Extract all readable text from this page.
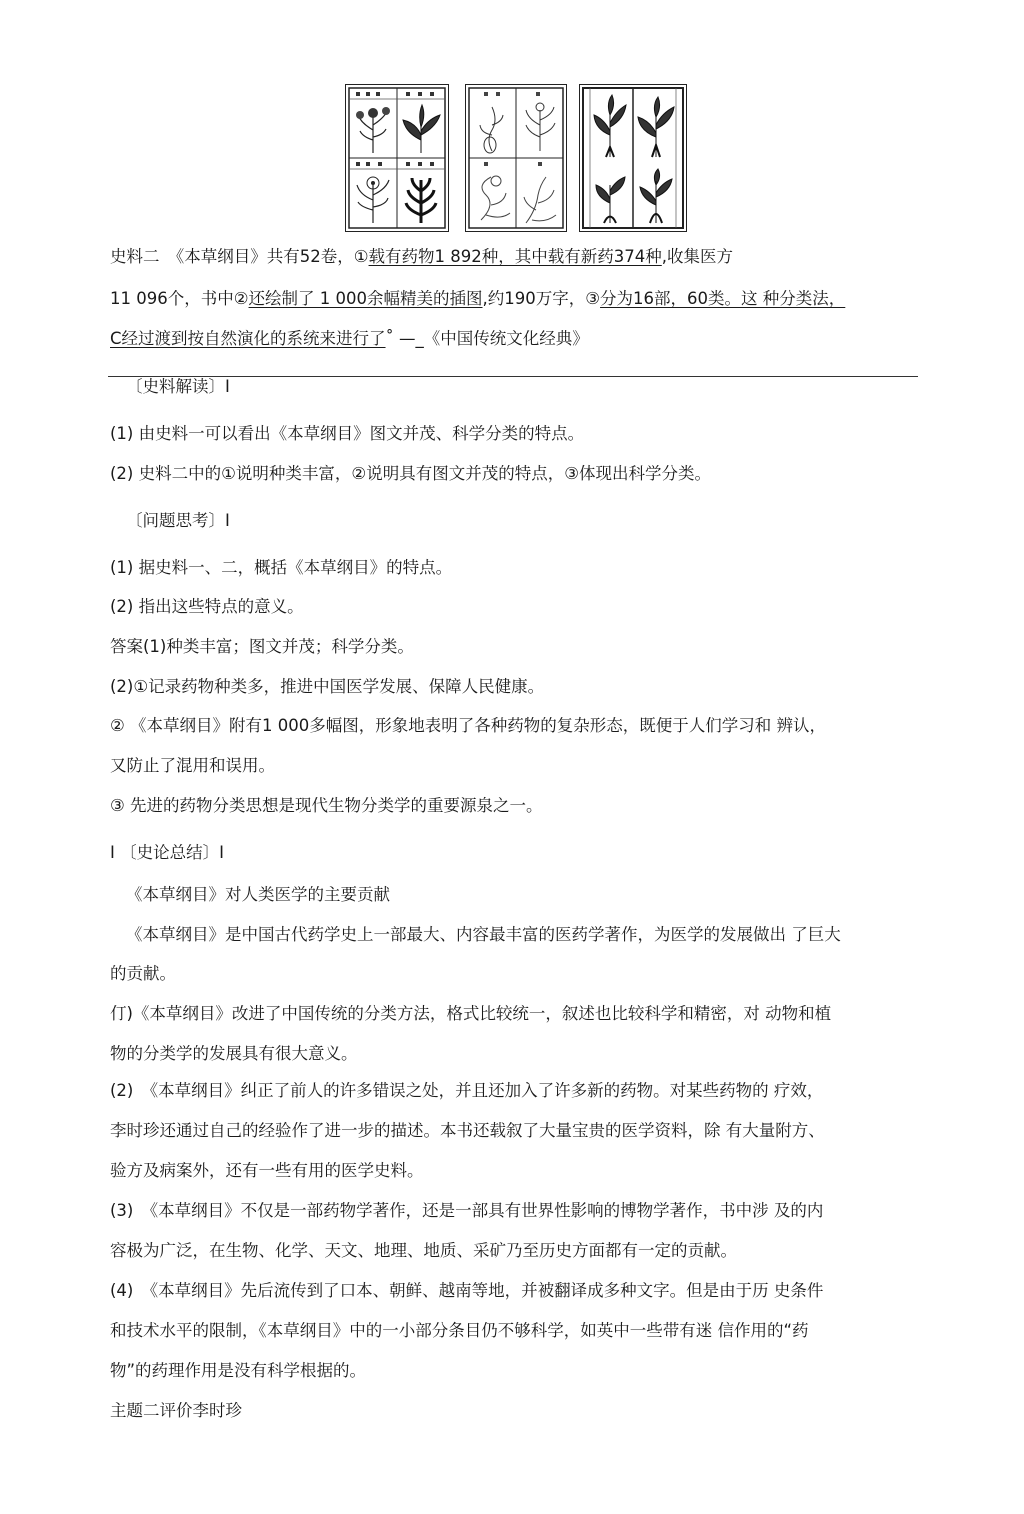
史料二　《本草纲目》共有52卷，①载有药物1 892种，其中载有新药374种,收集医方
11 096个，书中②还绘制了 1 000余幅精美的插图,约190万字，③分为16部，60类。这 种分类法，
C经过渡到按自然演化的系统来进行了˚ —_《中国传统文化经典》
〔史料解读〕I
(1) 由史料一可以看出《本草纲目》图文并茂、科学分类的特点。
(2) 史料二中的①说明种类丰富，②说明具有图文并茂的特点，③体现出科学分类。
〔问题思考〕I
(1) 据史料一、二，概括《本草纲目》的特点。
(2) 指出这些特点的意义。
答案(1)种类丰富；图文并茂；科学分类。
(2)①记录药物种类多，推进中国医学发展、保障人民健康。
② 《本草纲目》附有1 000多幅图，形象地表明了各种药物的复杂形态，既便于人们学习和 辨认，
又防止了混用和误用。
③ 先进的药物分类思想是现代生物分类学的重要源泉之一。
I 〔史论总结〕I
《本草纲目》对人类医学的主要贡献
《本草纲目》是中国古代药学史上一部最大、内容最丰富的医药学著作，为医学的发展做出 了巨大
的贡献。
仃)《本草纲目》改进了中国传统的分类方法，格式比较统一，叙述也比较科学和精密，对 动物和植
物的分类学的发展具有很大意义。
(2)　《本草纲目》纠正了前人的许多错误之处，并且还加入了许多新的药物。对某些药物的 疗效，
李时珍还通过自己的经验作了进一步的描述。本书还载叙了大量宝贵的医学资料，除 有大量附方、
验方及病案外，还有一些有用的医学史料。
(3)　《本草纲目》不仅是一部药物学著作，还是一部具有世界性影响的博物学著作，书中涉 及的内
容极为广泛，在生物、化学、天文、地理、地质、采矿乃至历史方面都有一定的贡献。
(4)　《本草纲目》先后流传到了口本、朝鲜、越南等地，并被翻译成多种文字。但是由于历 史条件
和技术水平的限制，《本草纲目》中的一小部分条目仍不够科学，如英中一些带有迷 信作用的“药
物”的药理作用是没有科学根据的。
主题二评价李时珍
